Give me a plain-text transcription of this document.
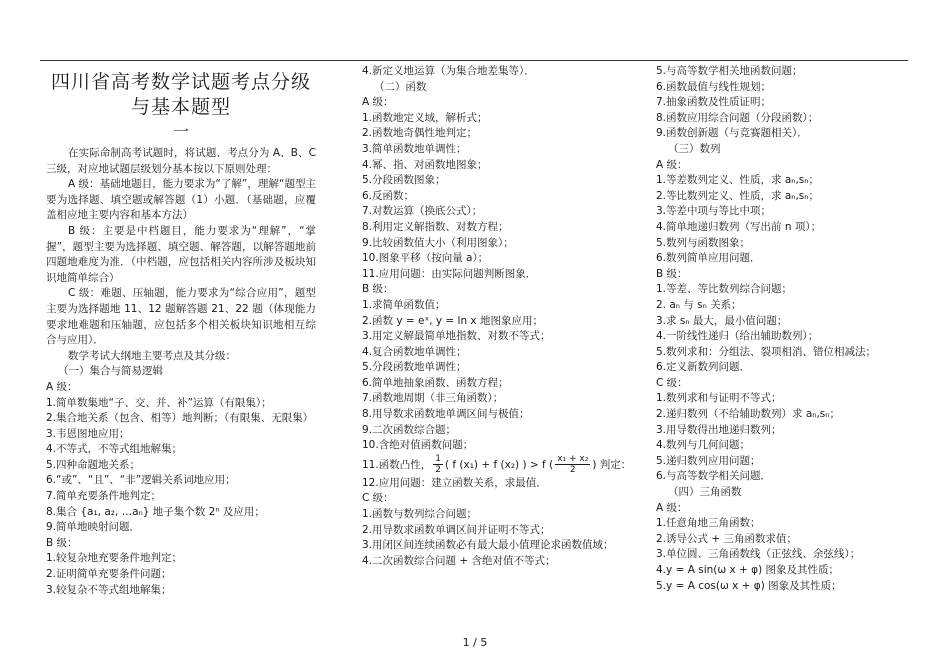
四川省高考数学试题考点分级
与基本题型
一
在实际命制高考试题时，将试题、考点分为 A、B、C 三级，对应地试题层级划分基本按以下原则处理：
A 级：基础地题目，能力要求为“了解”，理解“题型主要为选择题、填空题或解答题（1）小题．（基础题，应覆盖相应地主要内容和基本方法）
B 级：主要是中档题目，能力要求为“理解”，“掌握”，题型主要为选择题、填空题、解答题，以解答题地前四题地难度为准．（中档题，应包括相关内容所涉及板块知识地简单综合）
C 级：难题、压轴题，能力要求为“综合应用”，题型主要为选择题地 11、12 题解答题 21、22 题（体现能力要求地难题和压轴题，应包括多个相关板块知识地相互综合与应用）．
数学考试大纲地主要考点及其分级：
（一）集合与简易逻辑
A 级：
1.简单数集地“子、交、并、补”运算（有限集）；
2.集合地关系（包含、相等）地判断；（有限集、无限集）
3.韦恩图地应用；
4.不等式，不等式组地解集；
5.四种命题地关系；
6.“或”、“且”、“非”逻辑关系词地应用；
7.简单充要条件地判定；
8.集合 {a₁, a₂, …aₙ} 地子集个数 2ⁿ 及应用；
9.简单地映射问题．
B 级：
1.较复杂地充要条件地判定；
2.证明简单充要条件问题；
3.较复杂不等式组地解集；
4.新定义地运算（为集合地差集等）．
（二）函数
A 级：
1.函数地定义域，解析式；
2.函数地奇偶性地判定；
3.简单函数地单调性；
4.幂、指、对函数地图象；
5.分段函数图象；
6.反函数；
7.对数运算（换底公式）；
8.利用定义解指数、对数方程；
9.比较函数值大小（利用图象）；
10.图象平移（按向量 a）；
11.应用问题：由实际问题判断图象．
B 级：
1.求简单函数值；
2.函数 y = eˣ, y = ln x 地图象应用；
3.用定义解最简单地指数、对数不等式；
4.复合函数地单调性；
5.分段函数地单调性；
6.简单地抽象函数、函数方程；
7.函数地周期（非三角函数）；
8.用导数求函数地单调区间与极值；
9.二次函数综合题；
10.含绝对值函数问题；
11.函数凸性， $\frac{1}{2}$ ( f (x₁) + f (x₂) ) > f ( $\frac{\text{x₁ + x₂}}{2}$ ) 判定：
12.应用问题：建立函数关系，求最值．
C 级：
1.函数与数列综合问题；
2.用导数求函数单调区间并证明不等式；
3.用闭区间连续函数必有最大最小值理论求函数值域；
4.二次函数综合问题 + 含绝对值不等式；
5.与高等数学相关地函数问题；
6.函数最值与线性规划；
7.抽象函数及性质证明；
8.函数应用综合问题（分段函数）；
9.函数创新题（与竞赛题相关）．
（三）数列
A 级：
1.等差数列定义、性质，求 aₙ,sₙ；
2.等比数列定义、性质，求 aₙ,sₙ；
3.等差中项与等比中项；
4.简单地递归数列（写出前 n 项）；
5.数列与函数图象；
6.数列简单应用问题．
B 级：
1.等差、等比数列综合问题；
2. aₙ 与 sₙ 关系；
3.求 sₙ 最大，最小值问题；
4.一阶线性递归（给出辅助数列）；
5.数列求和：分组法、裂项相消、错位相减法；
6.定义新数列问题．
C 级：
1.数列求和与证明不等式；
2.递归数列（不给辅助数列）求 aₙ,sₙ；
3.用导数得出地递归数列；
4.数列与几何问题；
5.递归数列应用问题；
6.与高等数学相关问题．
（四）三角函数
A 级：
1.任意角地三角函数；
2.诱导公式 + 三角函数求值；
3.单位圆、三角函数线（正弦线、余弦线）；
4.y = A sin(ω x + φ) 图象及其性质；
5.y = A cos(ω x + φ) 图象及其性质；
1 / 5
